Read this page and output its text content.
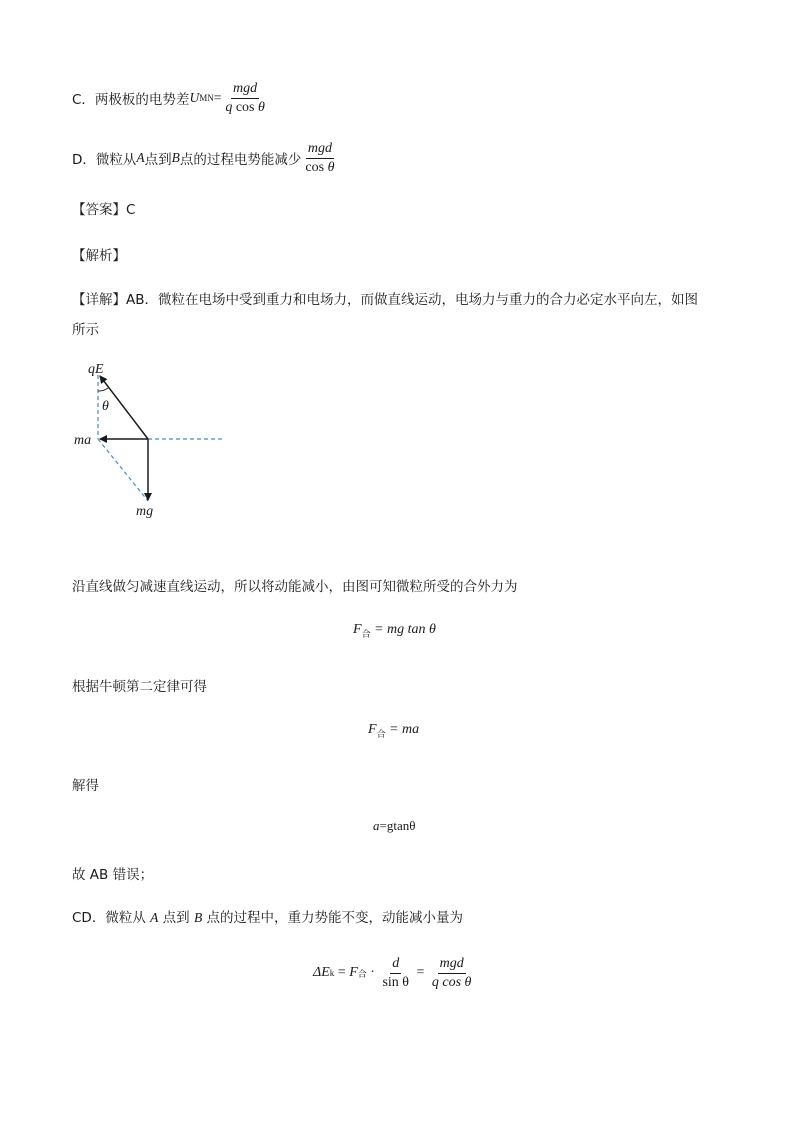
C．两极板的电势差 U MN = $\frac{\text{mgd}}{\text{q cos θ}}$
D．微粒从 A 点到 B 点的过程电势能减少 $\frac{\text{mgd}}{\text{cos θ}}$
【答案】C
【解析】
【详解】AB．微粒在电场中受到重力和电场力，而做直线运动，电场力与重力的合力必定水平向左，如图
所示
qE
θ
ma
mg
沿直线做匀减速直线运动，所以将动能减小，由图可知微粒所受的合外力为
$F_合$ = mg tan θ
根据牛顿第二定律可得
$F_合$ = ma
解得
a=gtanθ
故 AB 错误；
CD．微粒从 A 点到 B 点的过程中，重力势能不变，动能减小量为
ΔE k = F 合 · $\frac{d}{\text{sin θ}} = \frac{\text{mgd}}{\text{q cos θ}}$
